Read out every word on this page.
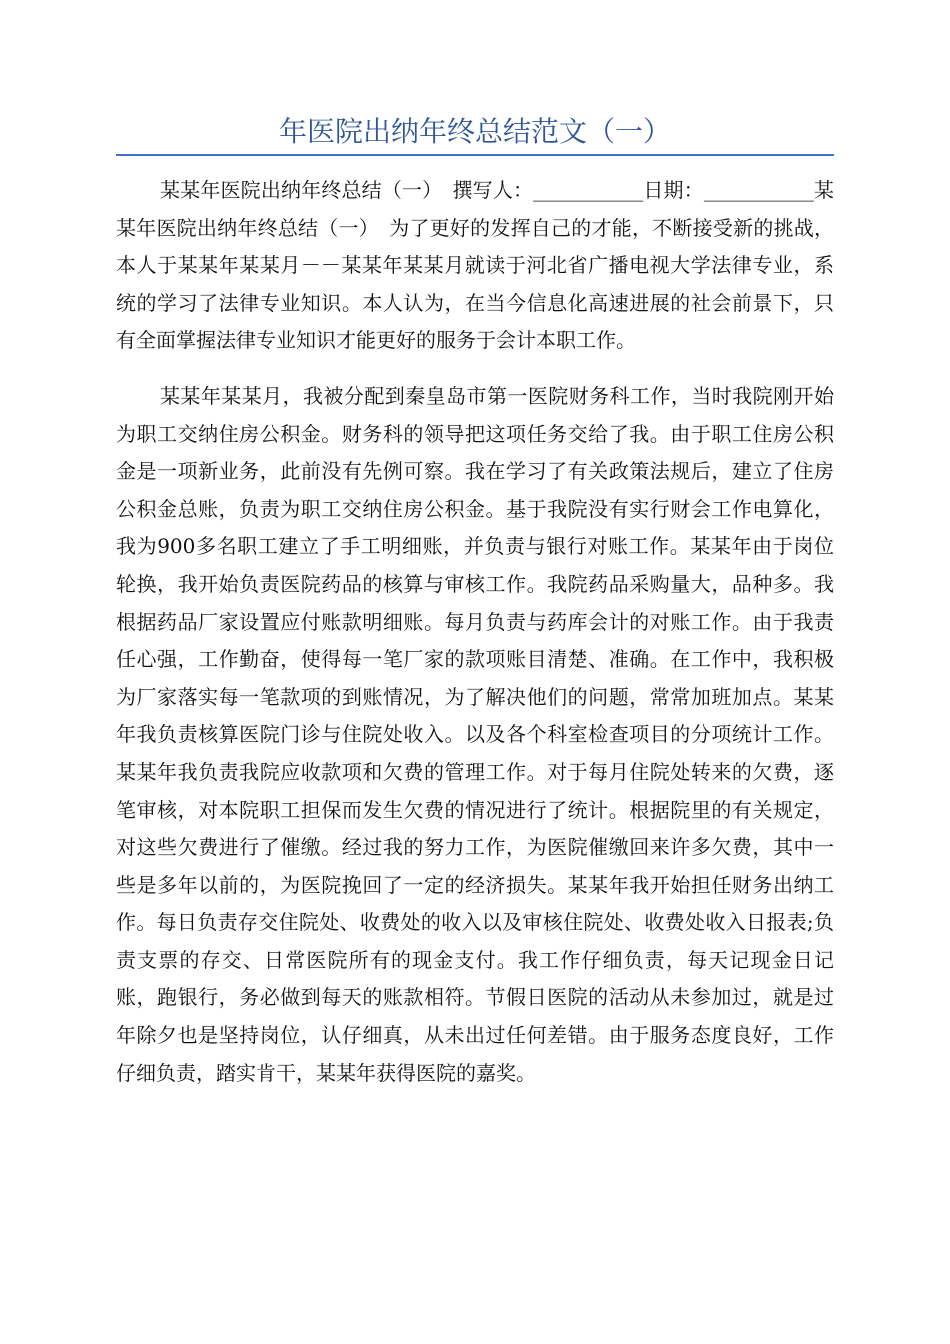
年医院出纳年终总结范文（一）

某某年医院出纳年终总结（一）　撰写人：___________日期：___________某某年医院出纳年终总结（一）　为了更好的发挥自己的才能，不断接受新的挑战，本人于某某年某某月－－某某年某某月就读于河北省广播电视大学法律专业，系统的学习了法律专业知识。本人认为，在当今信息化高速进展的社会前景下，只有全面掌握法律专业知识才能更好的服务于会计本职工作。

某某年某某月，我被分配到秦皇岛市第一医院财务科工作，当时我院刚开始为职工交纳住房公积金。财务科的领导把这项任务交给了我。由于职工住房公积金是一项新业务，此前没有先例可察。我在学习了有关政策法规后，建立了住房公积金总账，负责为职工交纳住房公积金。基于我院没有实行财会工作电算化，我为900多名职工建立了手工明细账，并负责与银行对账工作。某某年由于岗位轮换，我开始负责医院药品的核算与审核工作。我院药品采购量大，品种多。我根据药品厂家设置应付账款明细账。每月负责与药库会计的对账工作。由于我责任心强，工作勤奋，使得每一笔厂家的款项账目清楚、准确。在工作中，我积极为厂家落实每一笔款项的到账情况，为了解决他们的问题，常常加班加点。某某年我负责核算医院门诊与住院处收入。以及各个科室检查项目的分项统计工作。某某年我负责我院应收款项和欠费的管理工作。对于每月住院处转来的欠费，逐笔审核，对本院职工担保而发生欠费的情况进行了统计。根据院里的有关规定，对这些欠费进行了催缴。经过我的努力工作，为医院催缴回来许多欠费，其中一些是多年以前的，为医院挽回了一定的经济损失。某某年我开始担任财务出纳工作。每日负责存交住院处、收费处的收入以及审核住院处、收费处收入日报表;负责支票的存交、日常医院所有的现金支付。我工作仔细负责，每天记现金日记账，跑银行，务必做到每天的账款相符。节假日医院的活动从未参加过，就是过年除夕也是坚持岗位，认仔细真，从未出过任何差错。由于服务态度良好，工作仔细负责，踏实肯干，某某年获得医院的嘉奖。
